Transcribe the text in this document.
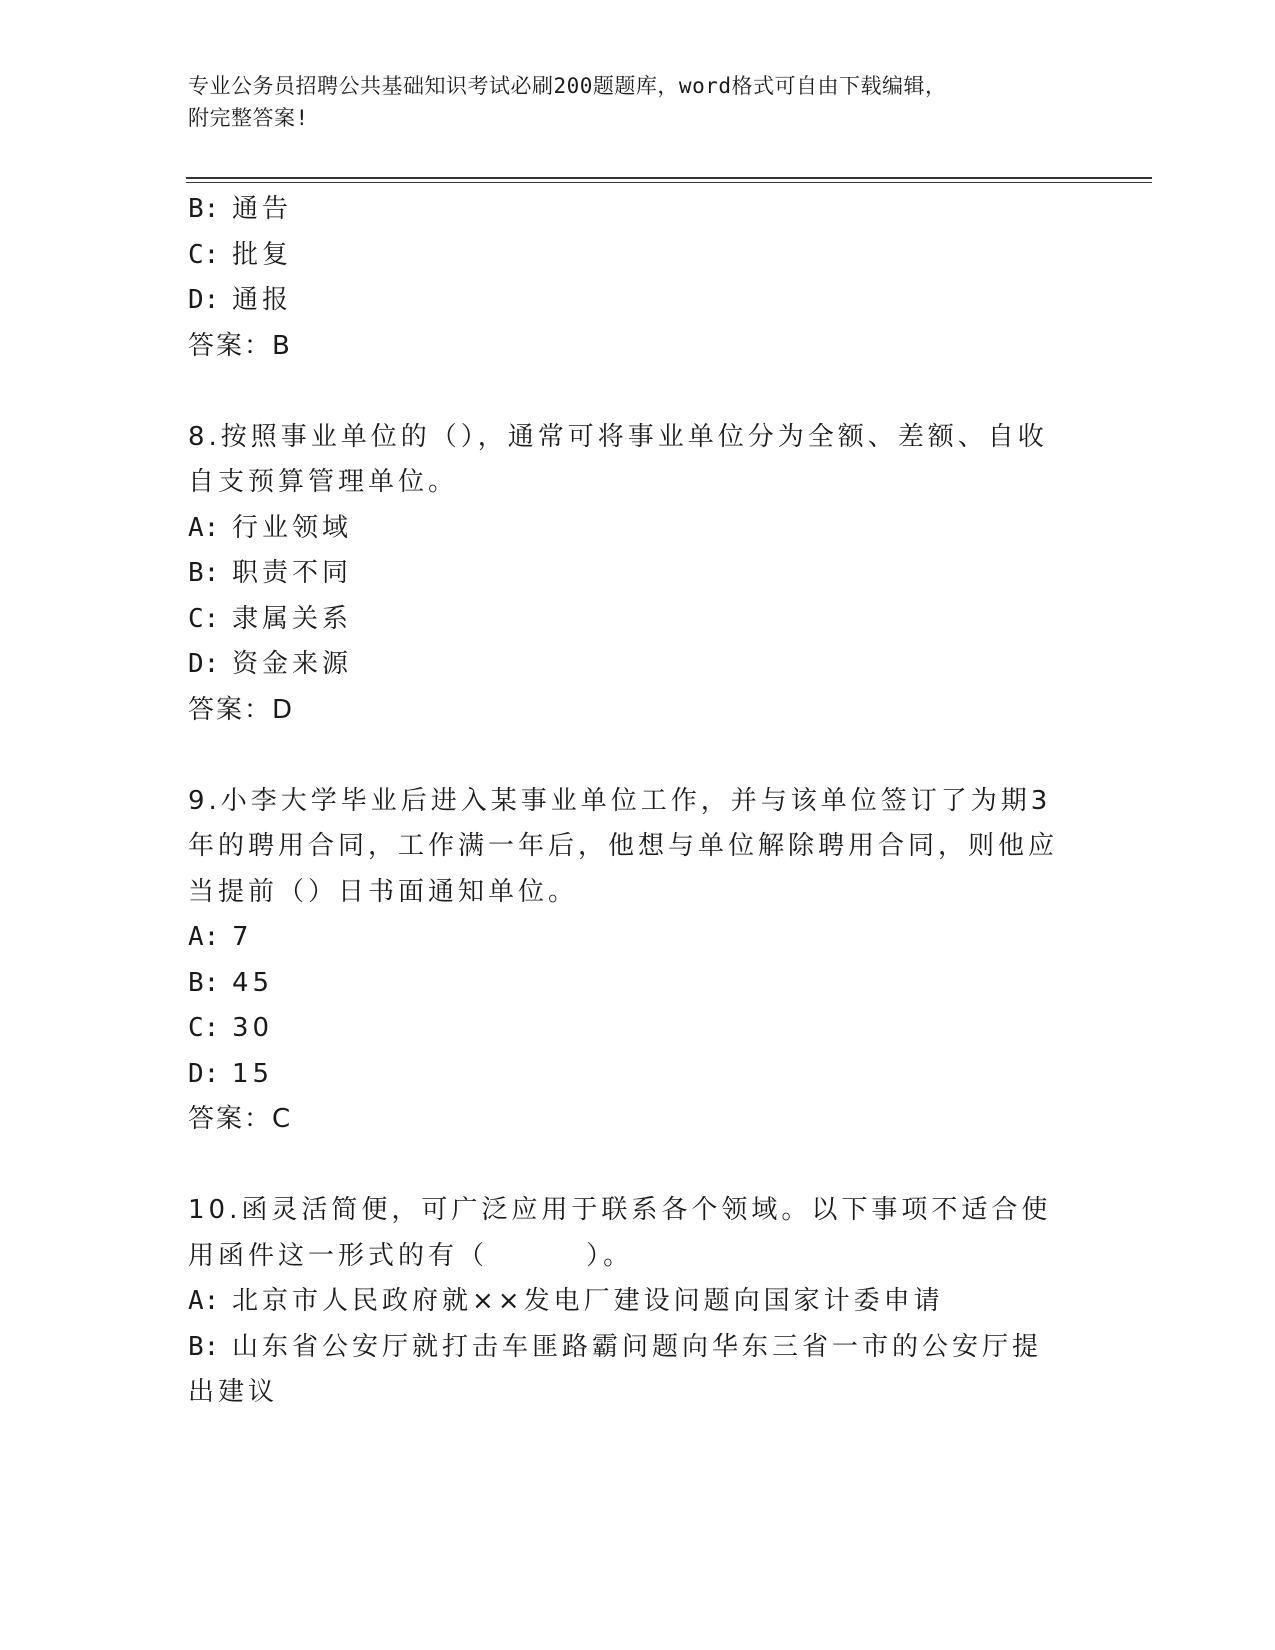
专业公务员招聘公共基础知识考试必刷200题题库，word格式可自由下载编辑，
附完整答案!
B: 通告
C: 批复
D: 通报
答案：B
8.按照事业单位的（），通常可将事业单位分为全额、差额、自收自支预算管理单位。
A: 行业领域
B: 职责不同
C: 隶属关系
D: 资金来源
答案：D
9.小李大学毕业后进入某事业单位工作，并与该单位签订了为期3年的聘用合同，工作满一年后，他想与单位解除聘用合同，则他应当提前（）日书面通知单位。
A: 7
B: 45
C: 30
D: 15
答案：C
10.函灵活简便，可广泛应用于联系各个领域。以下事项不适合使用函件这一形式的有（        ）。
A: 北京市人民政府就××发电厂建设问题向国家计委申请
B: 山东省公安厅就打击车匪路霸问题向华东三省一市的公安厅提出建议
